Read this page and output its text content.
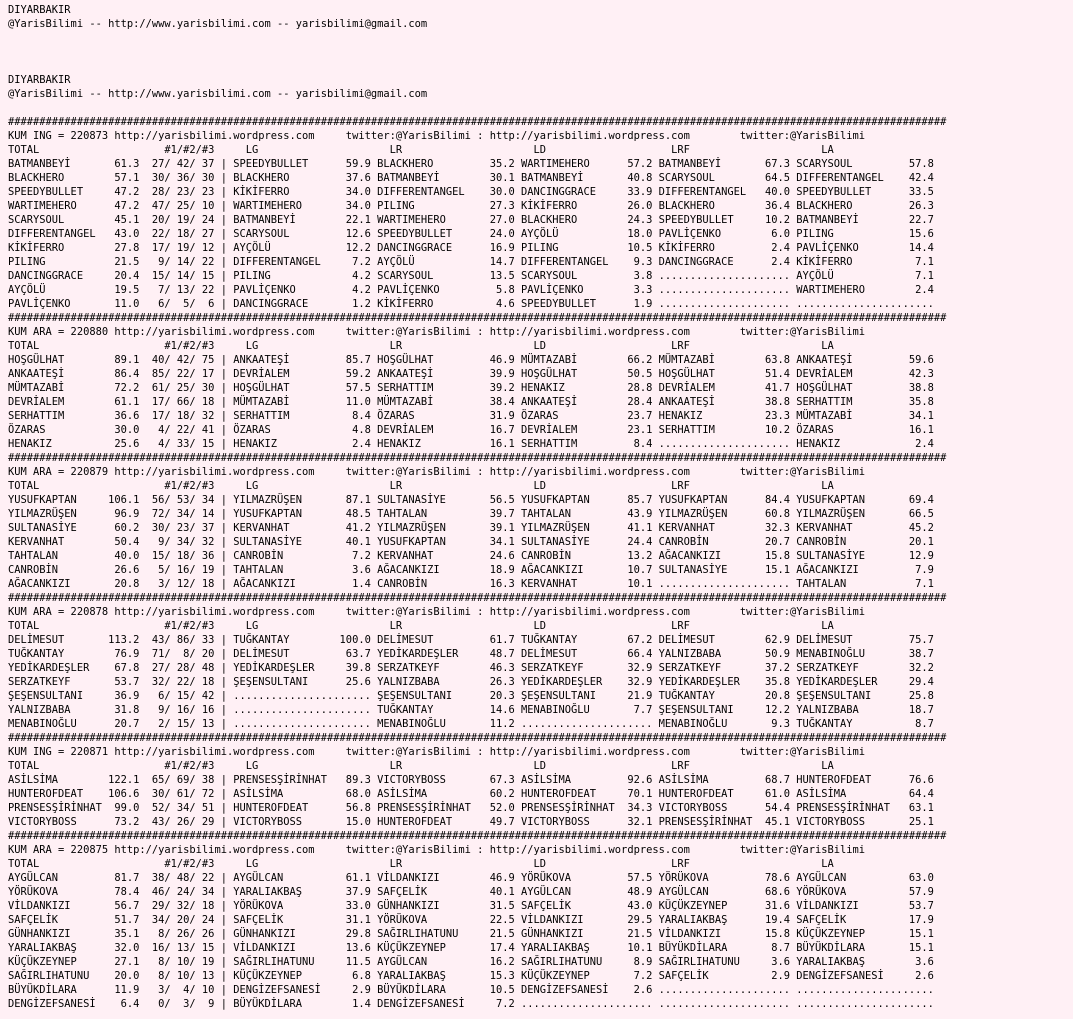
DIYARBAKIR
@YarisBilimi -- http://www.yarisbilimi.com -- yarisbilimi@gmail.com

DIYARBAKIR
@YarisBilimi -- http://www.yarisbilimi.com -- yarisbilimi@gmail.com

######################################################################################################################################################
KUM ING = 220873 http://yarisbilimi.wordpress.com     twitter:@YarisBilimi : http://yarisbilimi.wordpress.com        twitter:@YarisBilimi
TOTAL                    #1/#2/#3     LG                     LR                     LD                    LRF                     LA
BATMANBEYİ       61.3  27/ 42/ 37 | SPEEDYBULLET      59.9 BLACKHERO         35.2 WARTIMEHERO      57.2 BATMANBEYİ       67.3 SCARYSOUL         57.8
BLACKHERO        57.1  30/ 36/ 30 | BLACKHERO         37.6 BATMANBEYİ        30.1 BATMANBEYİ       40.8 SCARYSOUL        64.5 DIFFERENTANGEL    42.4
SPEEDYBULLET     47.2  28/ 23/ 23 | KİKİFERRO         34.0 DIFFERENTANGEL    30.0 DANCINGGRACE     33.9 DIFFERENTANGEL   40.0 SPEEDYBULLET      33.5
WARTIMEHERO      47.2  47/ 25/ 10 | WARTIMEHERO       34.0 PILING            27.3 KİKİFERRO        26.0 BLACKHERO        36.4 BLACKHERO         26.3
SCARYSOUL        45.1  20/ 19/ 24 | BATMANBEYİ        22.1 WARTIMEHERO       27.0 BLACKHERO        24.3 SPEEDYBULLET     10.2 BATMANBEYİ        22.7
DIFFERENTANGEL   43.0  22/ 18/ 27 | SCARYSOUL         12.6 SPEEDYBULLET      24.0 AYÇÖLÜ           18.0 PAVLİÇENKO        6.0 PILING            15.6
KİKİFERRO        27.8  17/ 19/ 12 | AYÇÖLÜ            12.2 DANCINGGRACE      16.9 PILING           10.5 KİKİFERRO         2.4 PAVLİÇENKO        14.4
PILING           21.5   9/ 14/ 22 | DIFFERENTANGEL     7.2 AYÇÖLÜ            14.7 DIFFERENTANGEL    9.3 DANCINGGRACE      2.4 KİKİFERRO          7.1
DANCINGGRACE     20.4  15/ 14/ 15 | PILING             4.2 SCARYSOUL         13.5 SCARYSOUL         3.8 ..................... AYÇÖLÜ             7.1
AYÇÖLÜ           19.5   7/ 13/ 22 | PAVLİÇENKO         4.2 PAVLİÇENKO         5.8 PAVLİÇENKO        3.3 ..................... WARTIMEHERO        2.4
PAVLİÇENKO       11.0   6/  5/  6 | DANCINGGRACE       1.2 KİKİFERRO          4.6 SPEEDYBULLET      1.9 ..................... ......................
######################################################################################################################################################
KUM ARA = 220880 http://yarisbilimi.wordpress.com     twitter:@YarisBilimi : http://yarisbilimi.wordpress.com        twitter:@YarisBilimi
TOTAL                    #1/#2/#3     LG                     LR                     LD                    LRF                     LA
HOŞGÜLHAT        89.1  40/ 42/ 75 | ANKAATEŞİ         85.7 HOŞGÜLHAT         46.9 MÜMTAZABİ        66.2 MÜMTAZABİ        63.8 ANKAATEŞİ         59.6
ANKAATEŞİ        86.4  85/ 22/ 17 | DEVRİALEM         59.2 ANKAATEŞİ         39.9 HOŞGÜLHAT        50.5 HOŞGÜLHAT        51.4 DEVRİALEM         42.3
MÜMTAZABİ        72.2  61/ 25/ 30 | HOŞGÜLHAT         57.5 SERHATTIM         39.2 HENAKIZ          28.8 DEVRİALEM        41.7 HOŞGÜLHAT         38.8
DEVRİALEM        61.1  17/ 66/ 18 | MÜMTAZABİ         11.0 MÜMTAZABİ         38.4 ANKAATEŞİ        28.4 ANKAATEŞİ        38.8 SERHATTIM         35.8
SERHATTIM        36.6  17/ 18/ 32 | SERHATTIM          8.4 ÖZARAS            31.9 ÖZARAS           23.7 HENAKIZ          23.3 MÜMTAZABİ         34.1
ÖZARAS           30.0   4/ 22/ 41 | ÖZARAS             4.8 DEVRİALEM         16.7 DEVRİALEM        23.1 SERHATTIM        10.2 ÖZARAS            16.1
HENAKIZ          25.6   4/ 33/ 15 | HENAKIZ            2.4 HENAKIZ           16.1 SERHATTIM         8.4 ..................... HENAKIZ            2.4
######################################################################################################################################################
KUM ARA = 220879 http://yarisbilimi.wordpress.com     twitter:@YarisBilimi : http://yarisbilimi.wordpress.com        twitter:@YarisBilimi
TOTAL                    #1/#2/#3     LG                     LR                     LD                    LRF                     LA
YUSUFKAPTAN     106.1  56/ 53/ 34 | YILMAZRÜŞEN       87.1 SULTANASİYE       56.5 YUSUFKAPTAN      85.7 YUSUFKAPTAN      84.4 YUSUFKAPTAN       69.4
YILMAZRÜŞEN      96.9  72/ 34/ 14 | YUSUFKAPTAN       48.5 TAHTALAN          39.7 TAHTALAN         43.9 YILMAZRÜŞEN      60.8 YILMAZRÜŞEN       66.5
SULTANASİYE      60.2  30/ 23/ 37 | KERVANHAT         41.2 YILMAZRÜŞEN       39.1 YILMAZRÜŞEN      41.1 KERVANHAT        32.3 KERVANHAT         45.2
KERVANHAT        50.4   9/ 34/ 32 | SULTANASİYE       40.1 YUSUFKAPTAN       34.1 SULTANASİYE      24.4 CANROBİN         20.7 CANROBİN          20.1
TAHTALAN         40.0  15/ 18/ 36 | CANROBİN           7.2 KERVANHAT         24.6 CANROBİN         13.2 AĞACANKIZI       15.8 SULTANASİYE       12.9
CANROBİN         26.6   5/ 16/ 19 | TAHTALAN           3.6 AĞACANKIZI        18.9 AĞACANKIZI       10.7 SULTANASİYE      15.1 AĞACANKIZI         7.9
AĞACANKIZI       20.8   3/ 12/ 18 | AĞACANKIZI         1.4 CANROBİN          16.3 KERVANHAT        10.1 ..................... TAHTALAN           7.1
######################################################################################################################################################
KUM ARA = 220878 http://yarisbilimi.wordpress.com     twitter:@YarisBilimi : http://yarisbilimi.wordpress.com        twitter:@YarisBilimi
TOTAL                    #1/#2/#3     LG                     LR                     LD                    LRF                     LA
DELİMESUT       113.2  43/ 86/ 33 | TUĞKANTAY        100.0 DELİMESUT         61.7 TUĞKANTAY        67.2 DELİMESUT        62.9 DELİMESUT         75.7
TUĞKANTAY        76.9  71/  8/ 20 | DELİMESUT         63.7 YEDİKARDEŞLER     48.7 DELİMESUT        66.4 YALNIZBABA       50.9 MENABINOĞLU       38.7
YEDİKARDEŞLER    67.8  27/ 28/ 48 | YEDİKARDEŞLER     39.8 SERZATKEYF        46.3 SERZATKEYF       32.9 SERZATKEYF       37.2 SERZATKEYF        32.2
SERZATKEYF       53.7  32/ 22/ 18 | ŞEŞENSULTANI      25.6 YALNIZBABA        26.3 YEDİKARDEŞLER    32.9 YEDİKARDEŞLER    35.8 YEDİKARDEŞLER     29.4
ŞEŞENSULTANI     36.9   6/ 15/ 42 | ...................... ŞEŞENSULTANI      20.3 ŞEŞENSULTANI     21.9 TUĞKANTAY        20.8 ŞEŞENSULTANI      25.8
YALNIZBABA       31.8   9/ 16/ 16 | ...................... TUĞKANTAY         14.6 MENABINOĞLU       7.7 ŞEŞENSULTANI     12.2 YALNIZBABA        18.7
MENABINOĞLU      20.7   2/ 15/ 13 | ...................... MENABINOĞLU       11.2 ..................... MENABINOĞLU       9.3 TUĞKANTAY          8.7
######################################################################################################################################################
KUM ING = 220871 http://yarisbilimi.wordpress.com     twitter:@YarisBilimi : http://yarisbilimi.wordpress.com        twitter:@YarisBilimi
TOTAL                    #1/#2/#3     LG                     LR                     LD                    LRF                     LA
ASİLSİMA        122.1  65/ 69/ 38 | PRENSESŞİRİNHAT   89.3 VICTORYBOSS       67.3 ASİLSİMA         92.6 ASİLSİMA         68.7 HUNTEROFDEAT      76.6
HUNTEROFDEAT    106.6  30/ 61/ 72 | ASİLSİMA          68.0 ASİLSİMA          60.2 HUNTEROFDEAT     70.1 HUNTEROFDEAT     61.0 ASİLSİMA          64.4
PRENSESŞİRİNHAT  99.0  52/ 34/ 51 | HUNTEROFDEAT      56.8 PRENSESŞİRİNHAT   52.0 PRENSESŞİRİNHAT  34.3 VICTORYBOSS      54.4 PRENSESŞİRİNHAT   63.1
VICTORYBOSS      73.2  43/ 26/ 29 | VICTORYBOSS       15.0 HUNTEROFDEAT      49.7 VICTORYBOSS      32.1 PRENSESŞİRİNHAT  45.1 VICTORYBOSS       25.1
######################################################################################################################################################
KUM ARA = 220875 http://yarisbilimi.wordpress.com     twitter:@YarisBilimi : http://yarisbilimi.wordpress.com        twitter:@YarisBilimi
TOTAL                    #1/#2/#3     LG                     LR                     LD                    LRF                     LA
AYGÜLCAN         81.7  38/ 48/ 22 | AYGÜLCAN          61.1 VİLDANKIZI        46.9 YÖRÜKOVA         57.5 YÖRÜKOVA         78.6 AYGÜLCAN          63.0
YÖRÜKOVA         78.4  46/ 24/ 34 | YARALIAKBAŞ       37.9 SAFÇELİK          40.1 AYGÜLCAN         48.9 AYGÜLCAN         68.6 YÖRÜKOVA          57.9
VİLDANKIZI       56.7  29/ 32/ 18 | YÖRÜKOVA          33.0 GÜNHANKIZI        31.5 SAFÇELİK         43.0 KÜÇÜKZEYNEP      31.6 VİLDANKIZI        53.7
SAFÇELİK         51.7  34/ 20/ 24 | SAFÇELİK          31.1 YÖRÜKOVA          22.5 VİLDANKIZI       29.5 YARALIAKBAŞ      19.4 SAFÇELİK          17.9
GÜNHANKIZI       35.1   8/ 26/ 26 | GÜNHANKIZI        29.8 SAĞIRLIHATUNU     21.5 GÜNHANKIZI       21.5 VİLDANKIZI       15.8 KÜÇÜKZEYNEP       15.1
YARALIAKBAŞ      32.0  16/ 13/ 15 | VİLDANKIZI        13.6 KÜÇÜKZEYNEP       17.4 YARALIAKBAŞ      10.1 BÜYÜKDİLARA       8.7 BÜYÜKDİLARA       15.1
KÜÇÜKZEYNEP      27.1   8/ 10/ 19 | SAĞIRLIHATUNU     11.5 AYGÜLCAN          16.2 SAĞIRLIHATUNU     8.9 SAĞIRLIHATUNU     3.6 YARALIAKBAŞ        3.6
SAĞIRLIHATUNU    20.0   8/ 10/ 13 | KÜÇÜKZEYNEP        6.8 YARALIAKBAŞ       15.3 KÜÇÜKZEYNEP       7.2 SAFÇELİK          2.9 DENGİZEFSANESİ     2.6
BÜYÜKDİLARA      11.9   3/  4/ 10 | DENGİZEFSANESİ     2.9 BÜYÜKDİLARA       10.5 DENGİZEFSANESİ    2.6 ..................... ......................
DENGİZEFSANESİ    6.4   0/  3/  9 | BÜYÜKDİLARA        1.4 DENGİZEFSANESİ     7.2 ..................... ..................... ......................
